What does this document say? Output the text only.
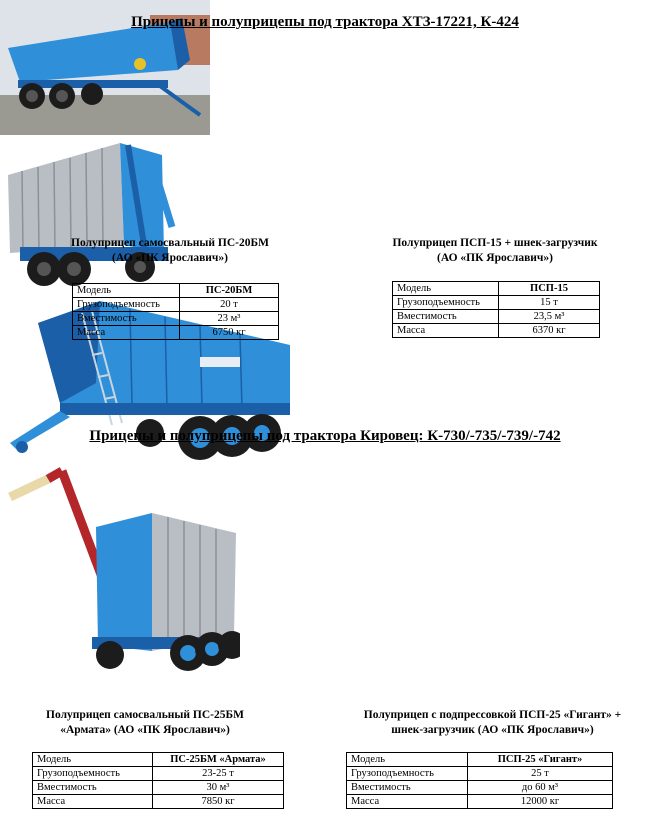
Прицепы и полуприцепы под трактора ХТЗ-17221, К-424
Полуприцеп самосвальный ПС-20БМ
(АО «ПК Ярославич»)
Модель	ПС-20БМ
Грузоподъемность	20 т
Вместимость	23 м³
Масса	6750 кг
Полуприцеп ПСП-15 + шнек-загрузчик
(АО «ПК Ярославич»)
Модель	ПСП-15
Грузоподъемность	15 т
Вместимость	23,5 м³
Масса	6370 кг
Прицепы и полуприцепы под трактора Кировец: К-730/-735/-739/-742
Полуприцеп самосвальный ПС-25БМ
«Армата» (АО «ПК Ярославич»)
Модель	ПС-25БМ «Армата»
Грузоподъемность	23-25 т
Вместимость	30 м³
Масса	7850 кг
Полуприцеп с подпрессовкой ПСП-25 «Гигант» +
шнек-загрузчик (АО «ПК Ярославич»)
Модель	ПСП-25 «Гигант»
Грузоподъемность	25 т
Вместимость	до 60 м³
Масса	12000 кг
